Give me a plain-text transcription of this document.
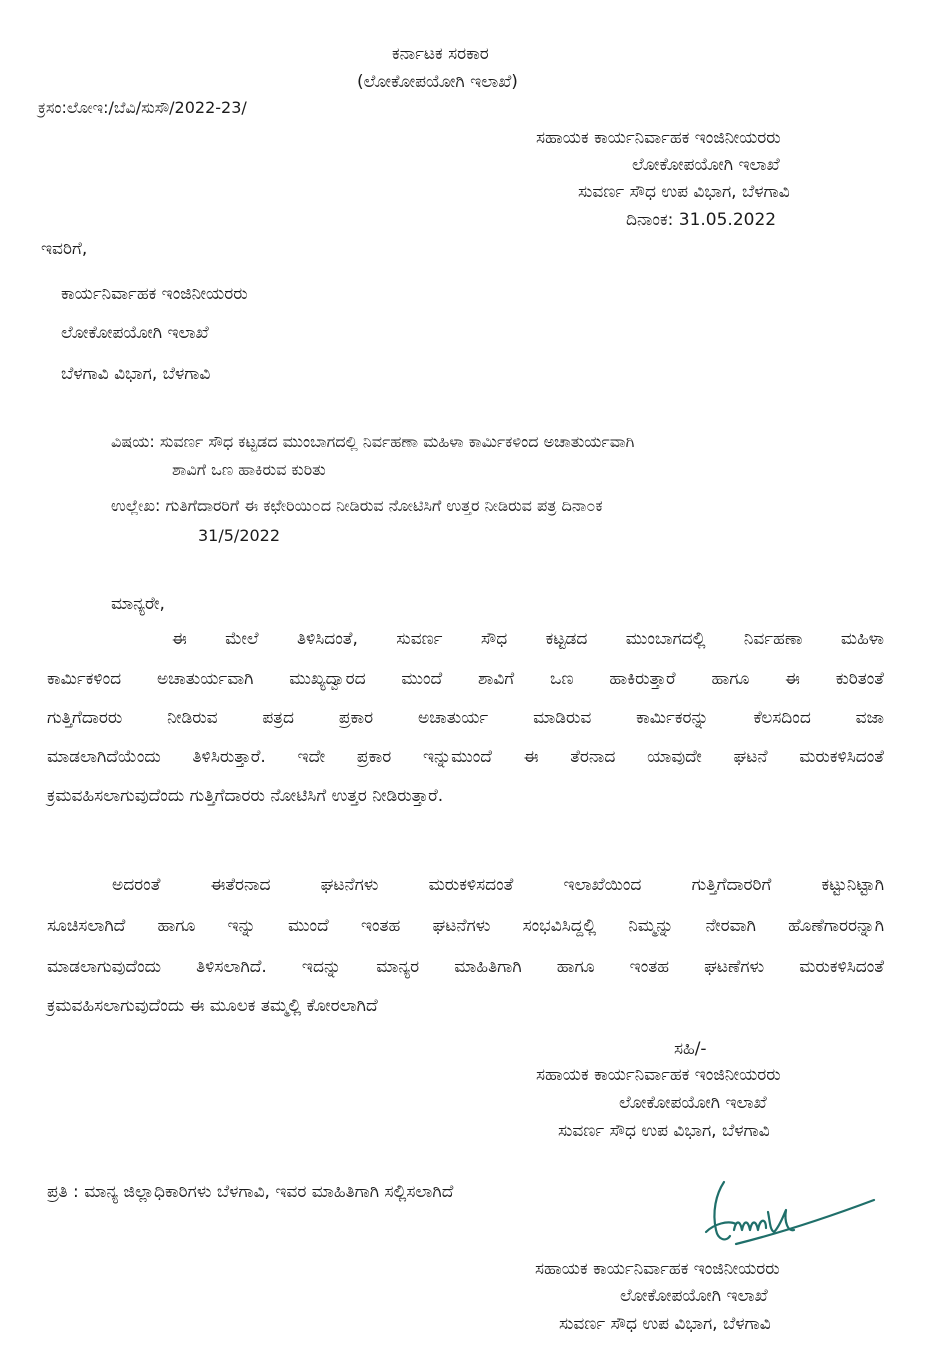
ಕರ್ನಾಟಕ ಸರಕಾರ
(ಲೋಕೋಪಯೋಗಿ ಇಲಾಖೆ)
ಕ್ರಸಂ:ಲೋಇ:/ಬೆವಿ/ಸುಸೌ/2022-23/
ಸಹಾಯಕ ಕಾರ್ಯನಿರ್ವಾಹಕ ಇಂಜಿನೀಯರರು
ಲೋಕೋಪಯೋಗಿ ಇಲಾಖೆ
ಸುವರ್ಣ ಸೌಧ ಉಪ ವಿಭಾಗ, ಬೆಳಗಾವಿ
ದಿನಾಂಕ: 31.05.2022
ಇವರಿಗೆ,
ಕಾರ್ಯನಿರ್ವಾಹಕ ಇಂಜಿನೀಯರರು
ಲೋಕೋಪಯೋಗಿ ಇಲಾಖೆ
ಬೆಳಗಾವಿ ವಿಭಾಗ, ಬೆಳಗಾವಿ
ವಿಷಯ: ಸುವರ್ಣ ಸೌಧ ಕಟ್ಟಡದ ಮುಂಬಾಗದಲ್ಲಿ ನಿರ್ವಹಣಾ ಮಹಿಳಾ ಕಾರ್ಮಿಕಳಿಂದ ಅಚಾತುರ್ಯವಾಗಿ
ಶಾವಿಗೆ ಒಣ ಹಾಕಿರುವ ಕುರಿತು
ಉಲ್ಲೇಖ: ಗುತಿಗೆದಾರರಿಗೆ ಈ ಕಛೇರಿಯಿ೦ದ ನೀಡಿರುವ ನೋಟಿಸಿಗೆ ಉತ್ತರ ನೀಡಿರುವ ಪತ್ರ ದಿನಾ೦ಕ
31/5/2022
ಮಾನ್ಯರೇ,
ಈ ಮೇಲೆ ತಿಳಿಸಿದಂತೆ, ಸುವರ್ಣ ಸೌಧ ಕಟ್ಟಡದ ಮುಂಬಾಗದಲ್ಲಿ ನಿರ್ವಹಣಾ ಮಹಿಳಾ
ಕಾರ್ಮಿಕಳಿಂದ ಅಚಾತುರ್ಯವಾಗಿ ಮುಖ್ಯದ್ವಾರದ ಮುಂದೆ ಶಾವಿಗೆ ಒಣ ಹಾಕಿರುತ್ತಾರೆ ಹಾಗೂ ಈ ಕುರಿತಂತೆ
ಗುತ್ತಿಗೆದಾರರು ನೀಡಿರುವ ಪತ್ರದ ಪ್ರಕಾರ ಅಚಾತುರ್ಯ ಮಾಡಿರುವ ಕಾರ್ಮಿಕರನ್ನು ಕೆಲಸದಿಂದ ವಜಾ
ಮಾಡಲಾಗಿದೆಯೆಂದು ತಿಳಿಸಿರುತ್ತಾರೆ. ಇದೇ ಪ್ರಕಾರ ಇನ್ನುಮುಂದೆ ಈ ತೆರನಾದ ಯಾವುದೇ ಘಟನೆ ಮರುಕಳಿಸಿದಂತೆ
ಕ್ರಮವಹಿಸಲಾಗುವುದೆಂದು ಗುತ್ತಿಗೆದಾರರು ನೋಟಿಸಿಗೆ ಉತ್ತರ ನೀಡಿರುತ್ತಾರೆ.
ಅದರಂತೆ ಈತೆರನಾದ ಘಟನೆಗಳು ಮರುಕಳಿಸದಂತೆ ಇಲಾಖೆಯಿಂದ ಗುತ್ತಿಗೆದಾರರಿಗೆ ಕಟ್ಟುನಿಟ್ಟಾಗಿ
ಸೂಚಿಸಲಾಗಿದೆ ಹಾಗೂ ಇನ್ನು ಮುಂದೆ ಇಂತಹ ಘಟನೆಗಳು ಸಂಭವಿಸಿದ್ದಲ್ಲಿ ನಿಮ್ಮನ್ನು ನೇರವಾಗಿ ಹೊಣೆಗಾರರನ್ನಾಗಿ
ಮಾಡಲಾಗುವುದೆಂದು ತಿಳಿಸಲಾಗಿದೆ. ಇದನ್ನು ಮಾನ್ಯರ ಮಾಹಿತಿಗಾಗಿ ಹಾಗೂ ಇಂತಹ ಘಟಣೆಗಳು ಮರುಕಳಿಸಿದಂತೆ
ಕ್ರಮವಹಿಸಲಾಗುವುದೆಂದು ಈ ಮೂಲಕ ತಮ್ಮಲ್ಲಿ ಕೋರಲಾಗಿದೆ
ಸಹಿ/-
ಸಹಾಯಕ ಕಾರ್ಯನಿರ್ವಾಹಕ ಇಂಜಿನೀಯರರು
ಲೋಕೋಪಯೋಗಿ ಇಲಾಖೆ
ಸುವರ್ಣ ಸೌಧ ಉಪ ವಿಭಾಗ, ಬೆಳಗಾವಿ
ಪ್ರತಿ : ಮಾನ್ಯ ಜಿಲ್ಲಾಧಿಕಾರಿಗಳು ಬೆಳಗಾವಿ, ಇವರ ಮಾಹಿತಿಗಾಗಿ ಸಲ್ಲಿಸಲಾಗಿದೆ
ಸಹಾಯಕ ಕಾರ್ಯನಿರ್ವಾಹಕ ಇಂಜಿನೀಯರರು
ಲೋಕೋಪಯೋಗಿ ಇಲಾಖೆ
ಸುವರ್ಣ ಸೌಧ ಉಪ ವಿಭಾಗ, ಬೆಳಗಾವಿ
